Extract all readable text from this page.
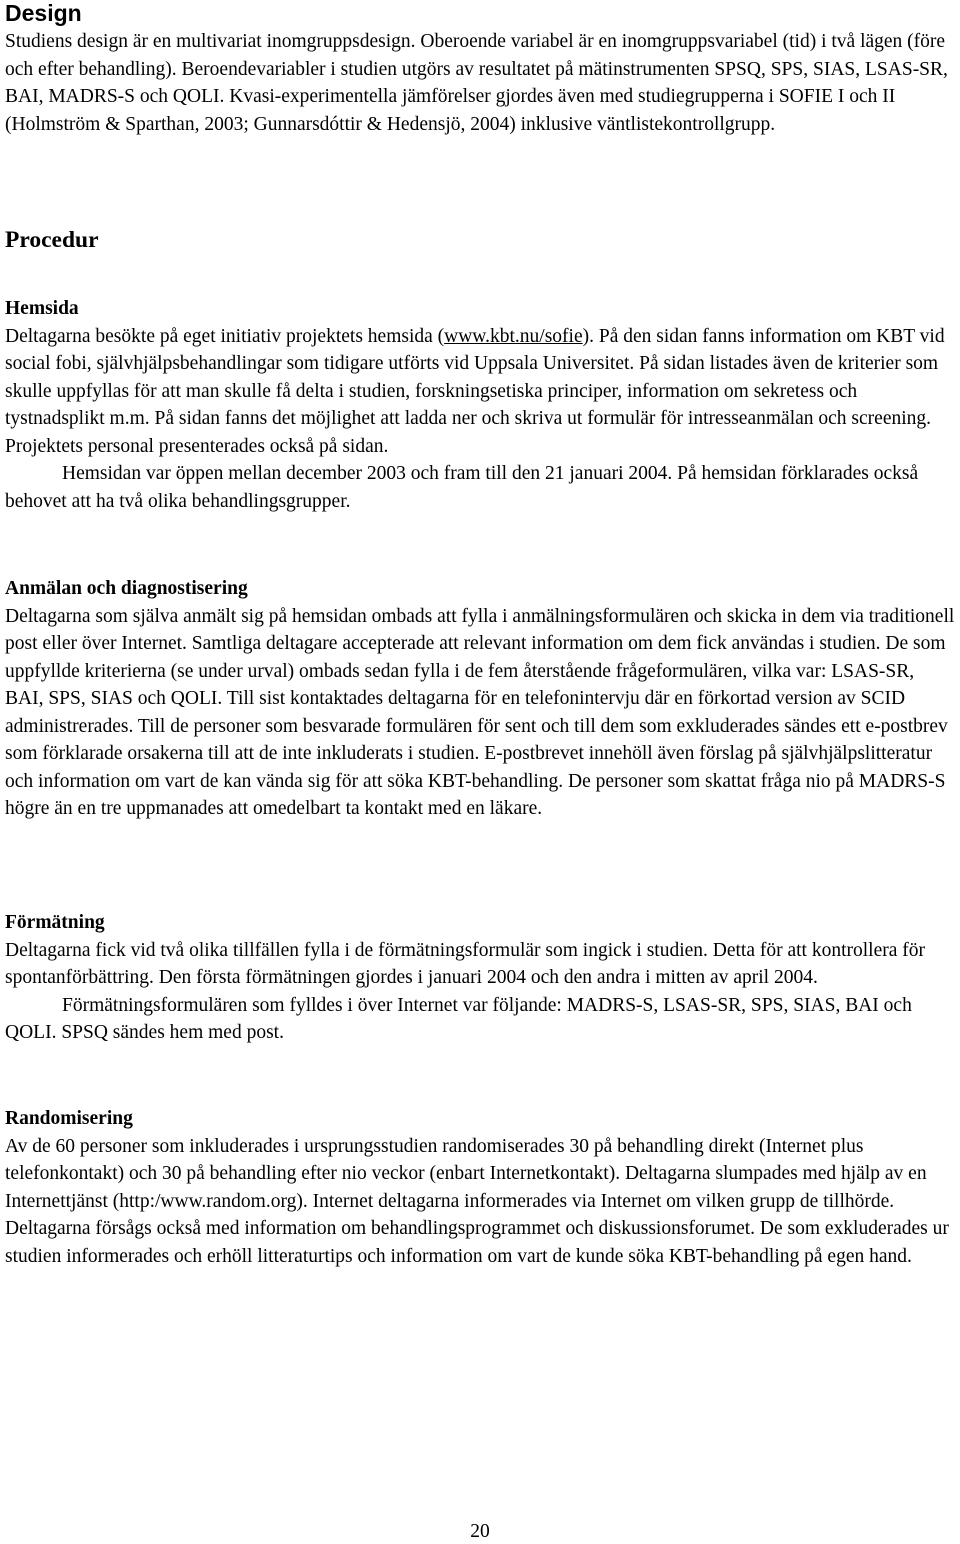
Design
Studiens design är en multivariat inomgruppsdesign. Oberoende variabel är en inomgruppsvariabel (tid) i två lägen (före och efter behandling). Beroendevariabler i studien utgörs av resultatet på mätinstrumenten SPSQ, SPS, SIAS, LSAS-SR, BAI, MADRS-S och QOLI. Kvasi-experimentella jämförelser gjordes även med studiegrupperna i SOFIE I och II (Holmström & Sparthan, 2003; Gunnarsdóttir & Hedensjö, 2004) inklusive väntlistekontrollgrupp.
Procedur
Hemsida
Deltagarna besökte på eget initiativ projektets hemsida (www.kbt.nu/sofie). På den sidan fanns information om KBT vid social fobi, självhjälpsbehandlingar som tidigare utförts vid Uppsala Universitet. På sidan listades även de kriterier som skulle uppfyllas för att man skulle få delta i studien, forskningsetiska principer, information om sekretess och tystnadsplikt m.m. På sidan fanns det möjlighet att ladda ner och skriva ut formulär för intresseanmälan och screening. Projektets personal presenterades också på sidan.
Hemsidan var öppen mellan december 2003 och fram till den 21 januari 2004. På hemsidan förklarades också behovet att ha två olika behandlingsgrupper.
Anmälan och diagnostisering
Deltagarna som själva anmält sig på hemsidan ombads att fylla i anmälningsformulären och skicka in dem via traditionell post eller över Internet. Samtliga deltagare accepterade att relevant information om dem fick användas i studien. De som uppfyllde kriterierna (se under urval) ombads sedan fylla i de fem återstående frågeformulären, vilka var: LSAS-SR, BAI, SPS, SIAS och QOLI. Till sist kontaktades deltagarna för en telefonintervju där en förkortad version av SCID administrerades. Till de personer som besvarade formulären för sent och till dem som exkluderades sändes ett e-postbrev som förklarade orsakerna till att de inte inkluderats i studien. E-postbrevet innehöll även förslag på självhjälpslitteratur och information om vart de kan vända sig för att söka KBT-behandling. De personer som skattat fråga nio på MADRS-S högre än en tre uppmanades att omedelbart ta kontakt med en läkare.
Förmätning
Deltagarna fick vid två olika tillfällen fylla i de förmätningsformulär som ingick i studien. Detta för att kontrollera för spontanförbättring. Den första förmätningen gjordes i januari 2004 och den andra i mitten av april 2004.
Förmätningsformulären som fylldes i över Internet var följande: MADRS-S, LSAS-SR, SPS, SIAS, BAI och QOLI. SPSQ sändes hem med post.
Randomisering
Av de 60 personer som inkluderades i ursprungsstudien randomiserades 30 på behandling direkt (Internet plus telefonkontakt) och 30 på behandling efter nio veckor (enbart Internetkontakt). Deltagarna slumpades med hjälp av en Internettjänst (http:/www.random.org). Internet deltagarna informerades via Internet om vilken grupp de tillhörde. Deltagarna försågs också med information om behandlingsprogrammet och diskussionsforumet. De som exkluderades ur studien informerades och erhöll litteraturtips och information om vart de kunde söka KBT-behandling på egen hand.
20
